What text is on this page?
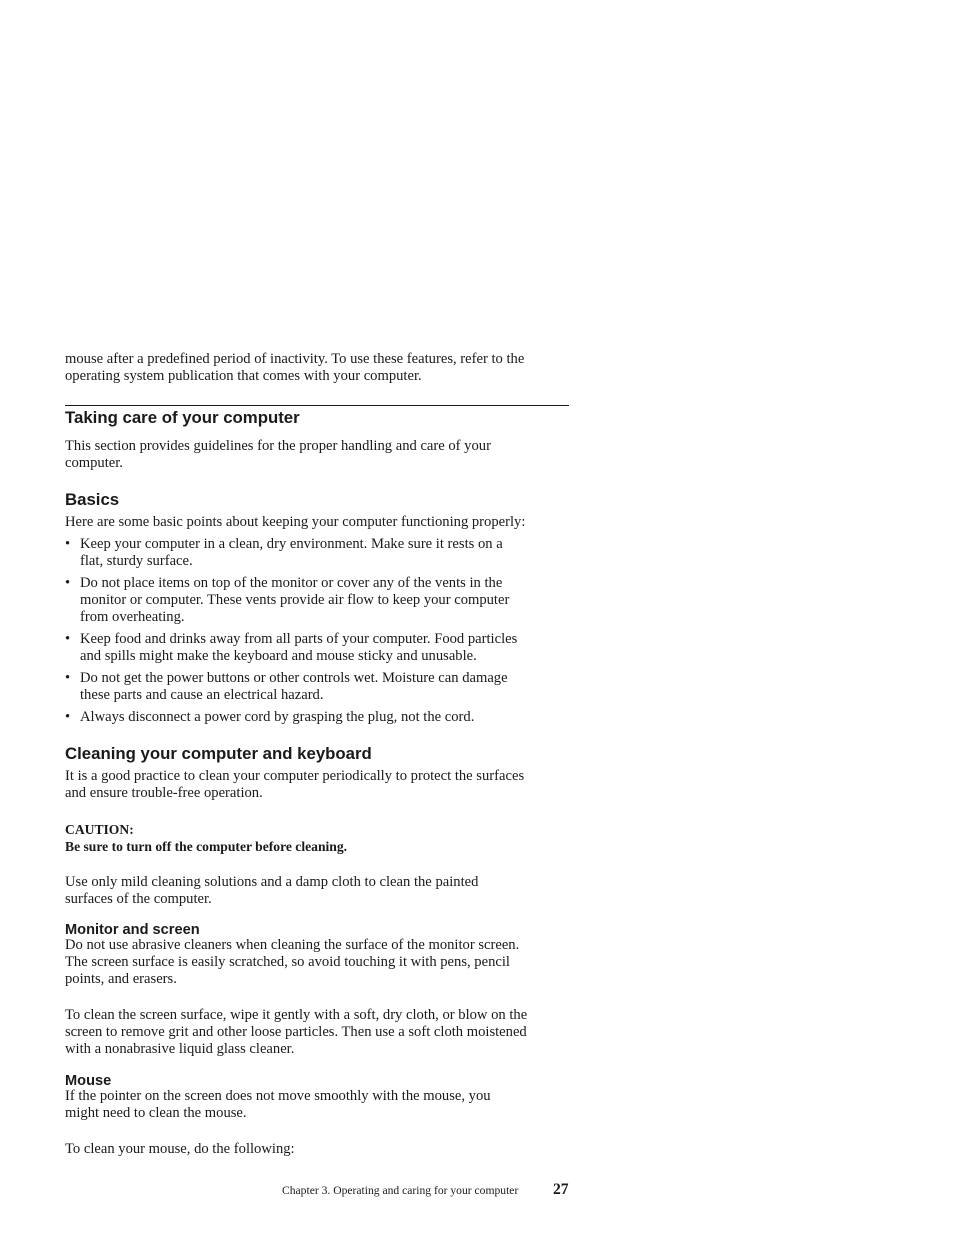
mouse after a predefined period of inactivity. To use these features, refer to the

operating system publication that comes with your computer.

Taking care of your computer

This section provides guidelines for the proper handling and care of your

computer.

Basics

Here are some basic points about keeping your computer functioning properly:

• Keep your computer in a clean, dry environment. Make sure it rests on a

flat, sturdy surface.

• Do not place items on top of the monitor or cover any of the vents in the

monitor or computer. These vents provide air flow to keep your computer

from overheating.

• Keep food and drinks away from all parts of your computer. Food particles

and spills might make the keyboard and mouse sticky and unusable.

• Do not get the power buttons or other controls wet. Moisture can damage

these parts and cause an electrical hazard.

• Always disconnect a power cord by grasping the plug, not the cord.

Cleaning your computer and keyboard

It is a good practice to clean your computer periodically to protect the surfaces

and ensure trouble-free operation.

CAUTION:

Be sure to turn off the computer before cleaning.

Use only mild cleaning solutions and a damp cloth to clean the painted

surfaces of the computer.

Monitor and screen

Do not use abrasive cleaners when cleaning the surface of the monitor screen.

The screen surface is easily scratched, so avoid touching it with pens, pencil

points, and erasers.

To clean the screen surface, wipe it gently with a soft, dry cloth, or blow on the

screen to remove grit and other loose particles. Then use a soft cloth moistened

with a nonabrasive liquid glass cleaner.

Mouse

If the pointer on the screen does not move smoothly with the mouse, you

might need to clean the mouse.

To clean your mouse, do the following:

Chapter 3. Operating and caring for your computer 27
